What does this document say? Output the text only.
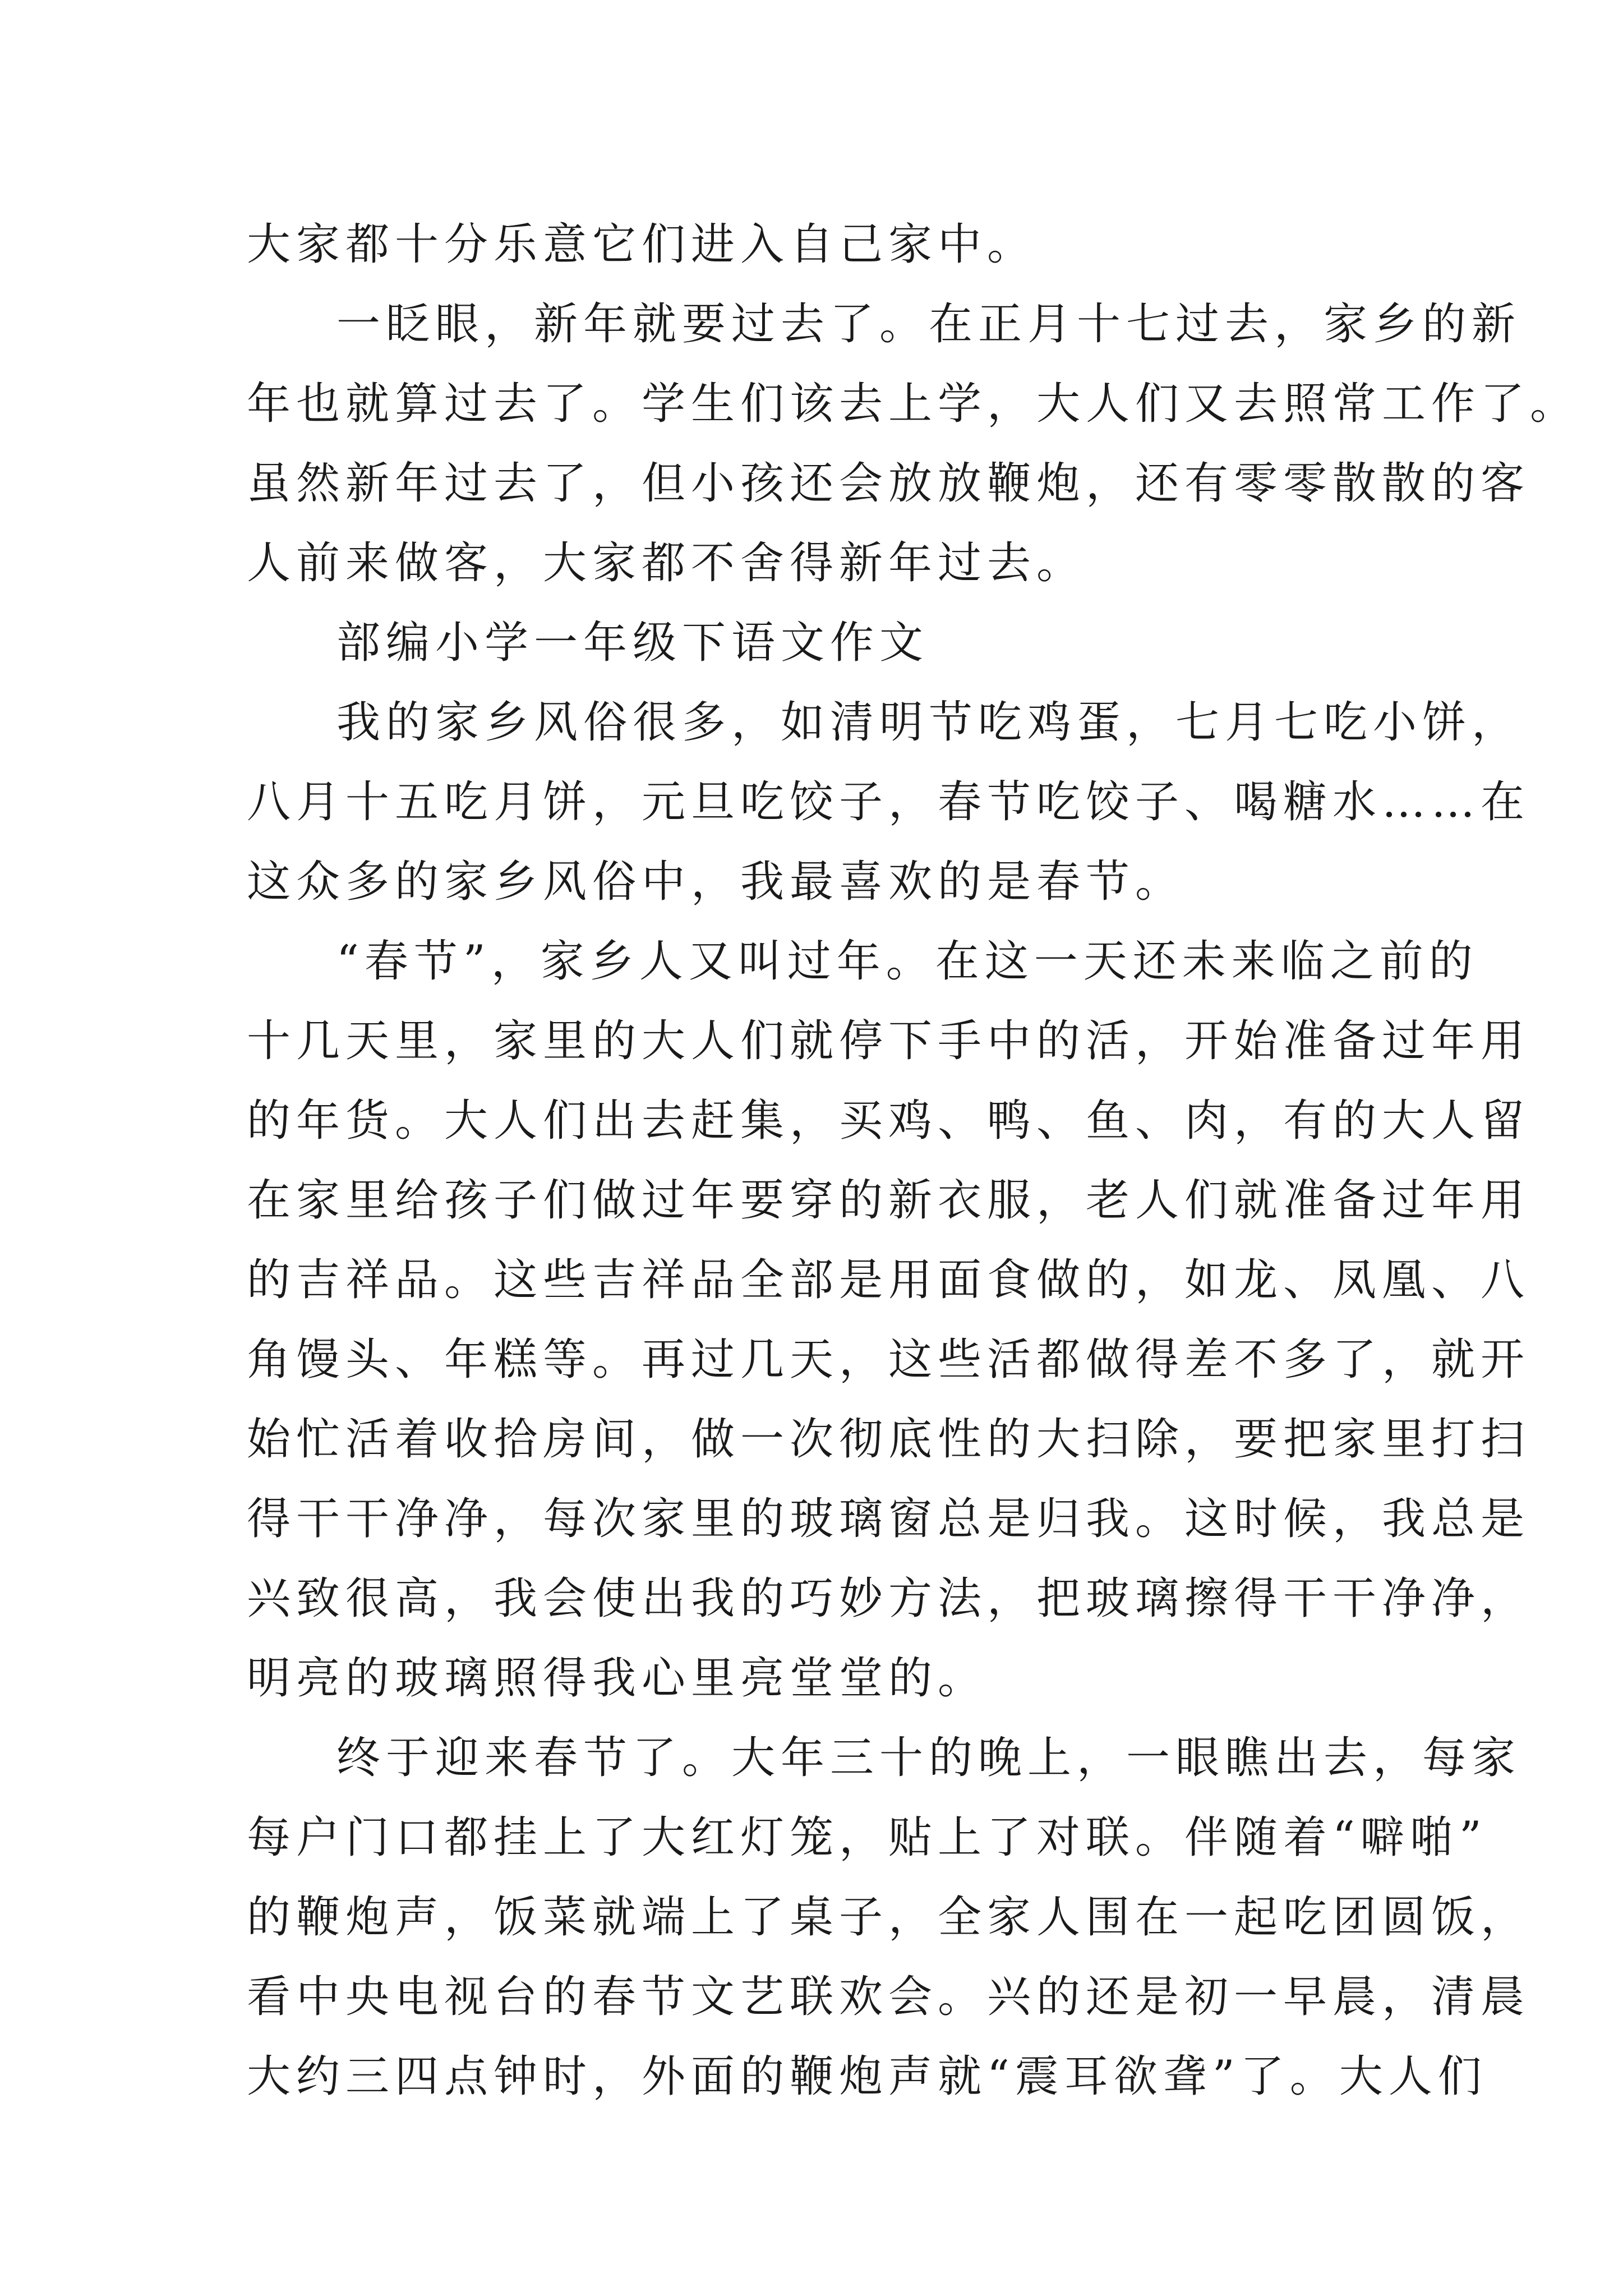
大家都十分乐意它们进入自己家中。
一眨眼，新年就要过去了。在正月十七过去，家乡的新
年也就算过去了。学生们该去上学，大人们又去照常工作了。
虽然新年过去了，但小孩还会放放鞭炮，还有零零散散的客
人前来做客，大家都不舍得新年过去。
部编小学一年级下语文作文
我的家乡风俗很多，如清明节吃鸡蛋，七月七吃小饼，
八月十五吃月饼，元旦吃饺子，春节吃饺子、喝糖水……在
这众多的家乡风俗中，我最喜欢的是春节。
“春节”，家乡人又叫过年。在这一天还未来临之前的
十几天里，家里的大人们就停下手中的活，开始准备过年用
的年货。大人们出去赶集，买鸡、鸭、鱼、肉，有的大人留
在家里给孩子们做过年要穿的新衣服，老人们就准备过年用
的吉祥品。这些吉祥品全部是用面食做的，如龙、凤凰、八
角馒头、年糕等。再过几天，这些活都做得差不多了，就开
始忙活着收拾房间，做一次彻底性的大扫除，要把家里打扫
得干干净净，每次家里的玻璃窗总是归我。这时候，我总是
兴致很高，我会使出我的巧妙方法，把玻璃擦得干干净净，
明亮的玻璃照得我心里亮堂堂的。
终于迎来春节了。大年三十的晚上，一眼瞧出去，每家
每户门口都挂上了大红灯笼，贴上了对联。伴随着“噼啪”
的鞭炮声，饭菜就端上了桌子，全家人围在一起吃团圆饭，
看中央电视台的春节文艺联欢会。兴的还是初一早晨，清晨
大约三四点钟时，外面的鞭炮声就“震耳欲聋”了。大人们
